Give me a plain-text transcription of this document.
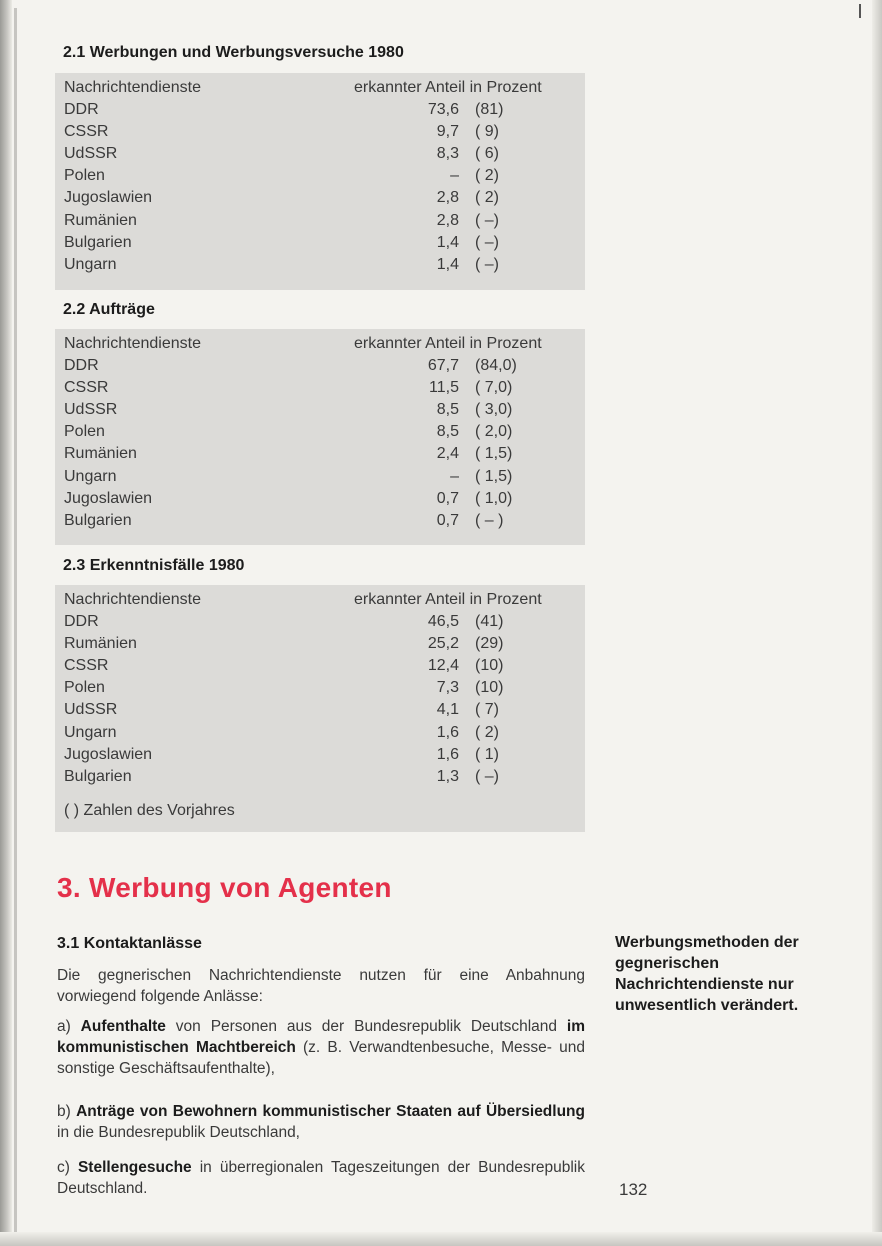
2.1 Werbungen und Werbungsversuche 1980
Nachrichtendienste	erkannter Anteil in Prozent
DDR	73,6 (81)
CSSR	9,7 ( 9)
UdSSR	8,3 ( 6)
Polen	– ( 2)
Jugoslawien	2,8 ( 2)
Rumänien	2,8 ( –)
Bulgarien	1,4 ( –)
Ungarn	1,4 ( –)
2.2 Aufträge
Nachrichtendienste	erkannter Anteil in Prozent
DDR	67,7 (84,0)
CSSR	11,5 ( 7,0)
UdSSR	8,5 ( 3,0)
Polen	8,5 ( 2,0)
Rumänien	2,4 ( 1,5)
Ungarn	– ( 1,5)
Jugoslawien	0,7 ( 1,0)
Bulgarien	0,7 ( – )
2.3 Erkenntnisfälle 1980
Nachrichtendienste	erkannter Anteil in Prozent
DDR	46,5 (41)
Rumänien	25,2 (29)
CSSR	12,4 (10)
Polen	7,3 (10)
UdSSR	4,1 ( 7)
Ungarn	1,6 ( 2)
Jugoslawien	1,6 ( 1)
Bulgarien	1,3 ( –)
( ) Zahlen des Vorjahres
3. Werbung von Agenten
3.1 Kontaktanlässe

Die gegnerischen Nachrichtendienste nutzen für eine Anbahnung vorwiegend folgende Anlässe:

a) Aufenthalte von Personen aus der Bundesrepublik Deutschland im kommunistischen Machtbereich (z. B. Verwandtenbesuche, Messe- und sonstige Geschäftsaufenthalte),

b) Anträge von Bewohnern kommunistischer Staaten auf Übersiedlung in die Bundesrepublik Deutschland,

c) Stellengesuche in überregionalen Tageszeitungen der Bundesrepublik Deutschland.

Werbungsmethoden der gegnerischen Nachrichtendienste nur unwesentlich verändert.

132
